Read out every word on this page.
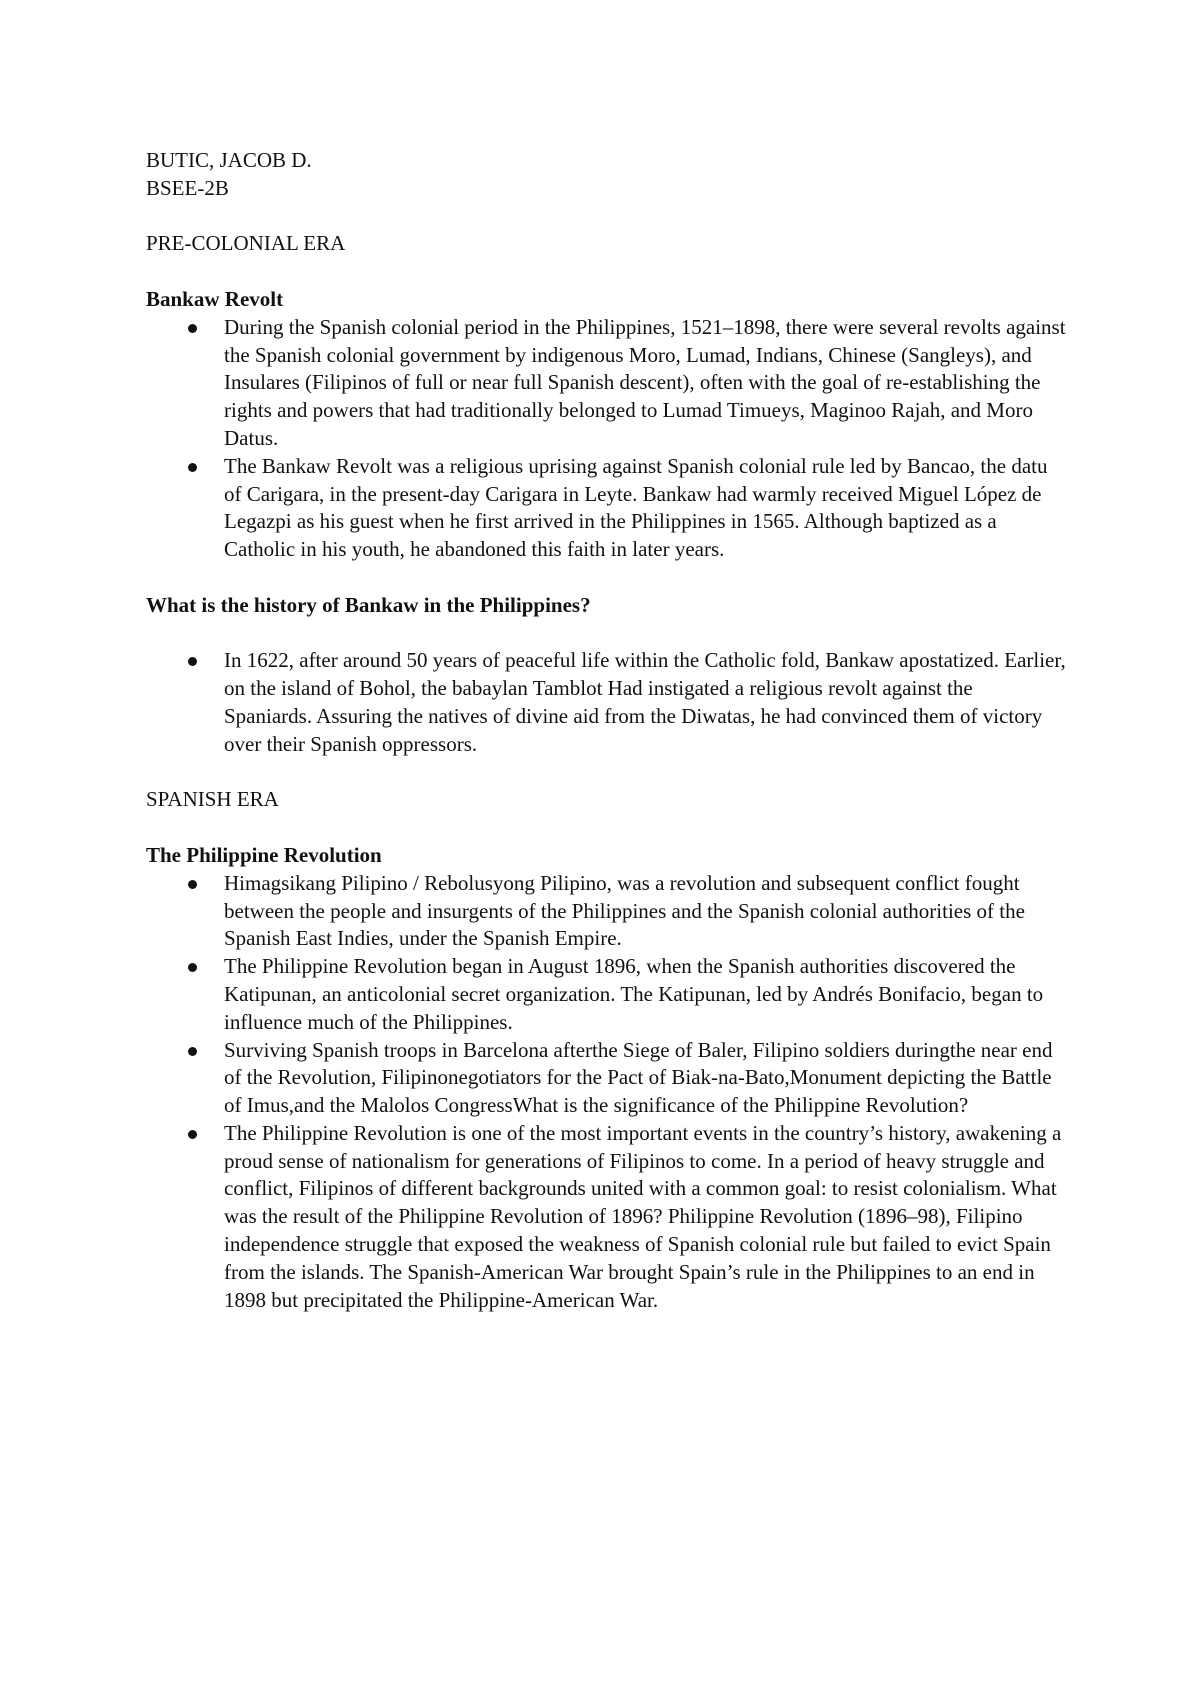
BUTIC, JACOB D.

BSEE-2B

PRE-COLONIAL ERA

Bankaw Revolt

During the Spanish colonial period in the Philippines, 1521–1898, there were several revolts against the Spanish colonial government by indigenous Moro, Lumad, Indians, Chinese (Sangleys), and Insulares (Filipinos of full or near full Spanish descent), often with the goal of re-establishing the rights and powers that had traditionally belonged to Lumad Timueys, Maginoo Rajah, and Moro Datus.
The Bankaw Revolt was a religious uprising against Spanish colonial rule led by Bancao, the datu of Carigara, in the present-day Carigara in Leyte. Bankaw had warmly received Miguel López de Legazpi as his guest when he first arrived in the Philippines in 1565. Although baptized as a Catholic in his youth, he abandoned this faith in later years.

What is the history of Bankaw in the Philippines?

In 1622, after around 50 years of peaceful life within the Catholic fold, Bankaw apostatized. Earlier, on the island of Bohol, the babaylan Tamblot Had instigated a religious revolt against the Spaniards. Assuring the natives of divine aid from the Diwatas, he had convinced them of victory over their Spanish oppressors.

SPANISH ERA

The Philippine Revolution

Himagsikang Pilipino / Rebolusyong Pilipino, was a revolution and subsequent conflict fought between the people and insurgents of the Philippines and the Spanish colonial authorities of the Spanish East Indies, under the Spanish Empire.
The Philippine Revolution began in August 1896, when the Spanish authorities discovered the Katipunan, an anticolonial secret organization. The Katipunan, led by Andrés Bonifacio, began to influence much of the Philippines.
Surviving Spanish troops in Barcelona afterthe Siege of Baler, Filipino soldiers duringthe near end of the Revolution, Filipinonegotiators for the Pact of Biak-na-Bato,Monument depicting the Battle of Imus,and the Malolos CongressWhat is the significance of the Philippine Revolution?
The Philippine Revolution is one of the most important events in the country’s history, awakening a proud sense of nationalism for generations of Filipinos to come. In a period of heavy struggle and conflict, Filipinos of different backgrounds united with a common goal: to resist colonialism. What was the result of the Philippine Revolution of 1896? Philippine Revolution (1896–98), Filipino independence struggle that exposed the weakness of Spanish colonial rule but failed to evict Spain from the islands. The Spanish-American War brought Spain’s rule in the Philippines to an end in 1898 but precipitated the Philippine-American War.
